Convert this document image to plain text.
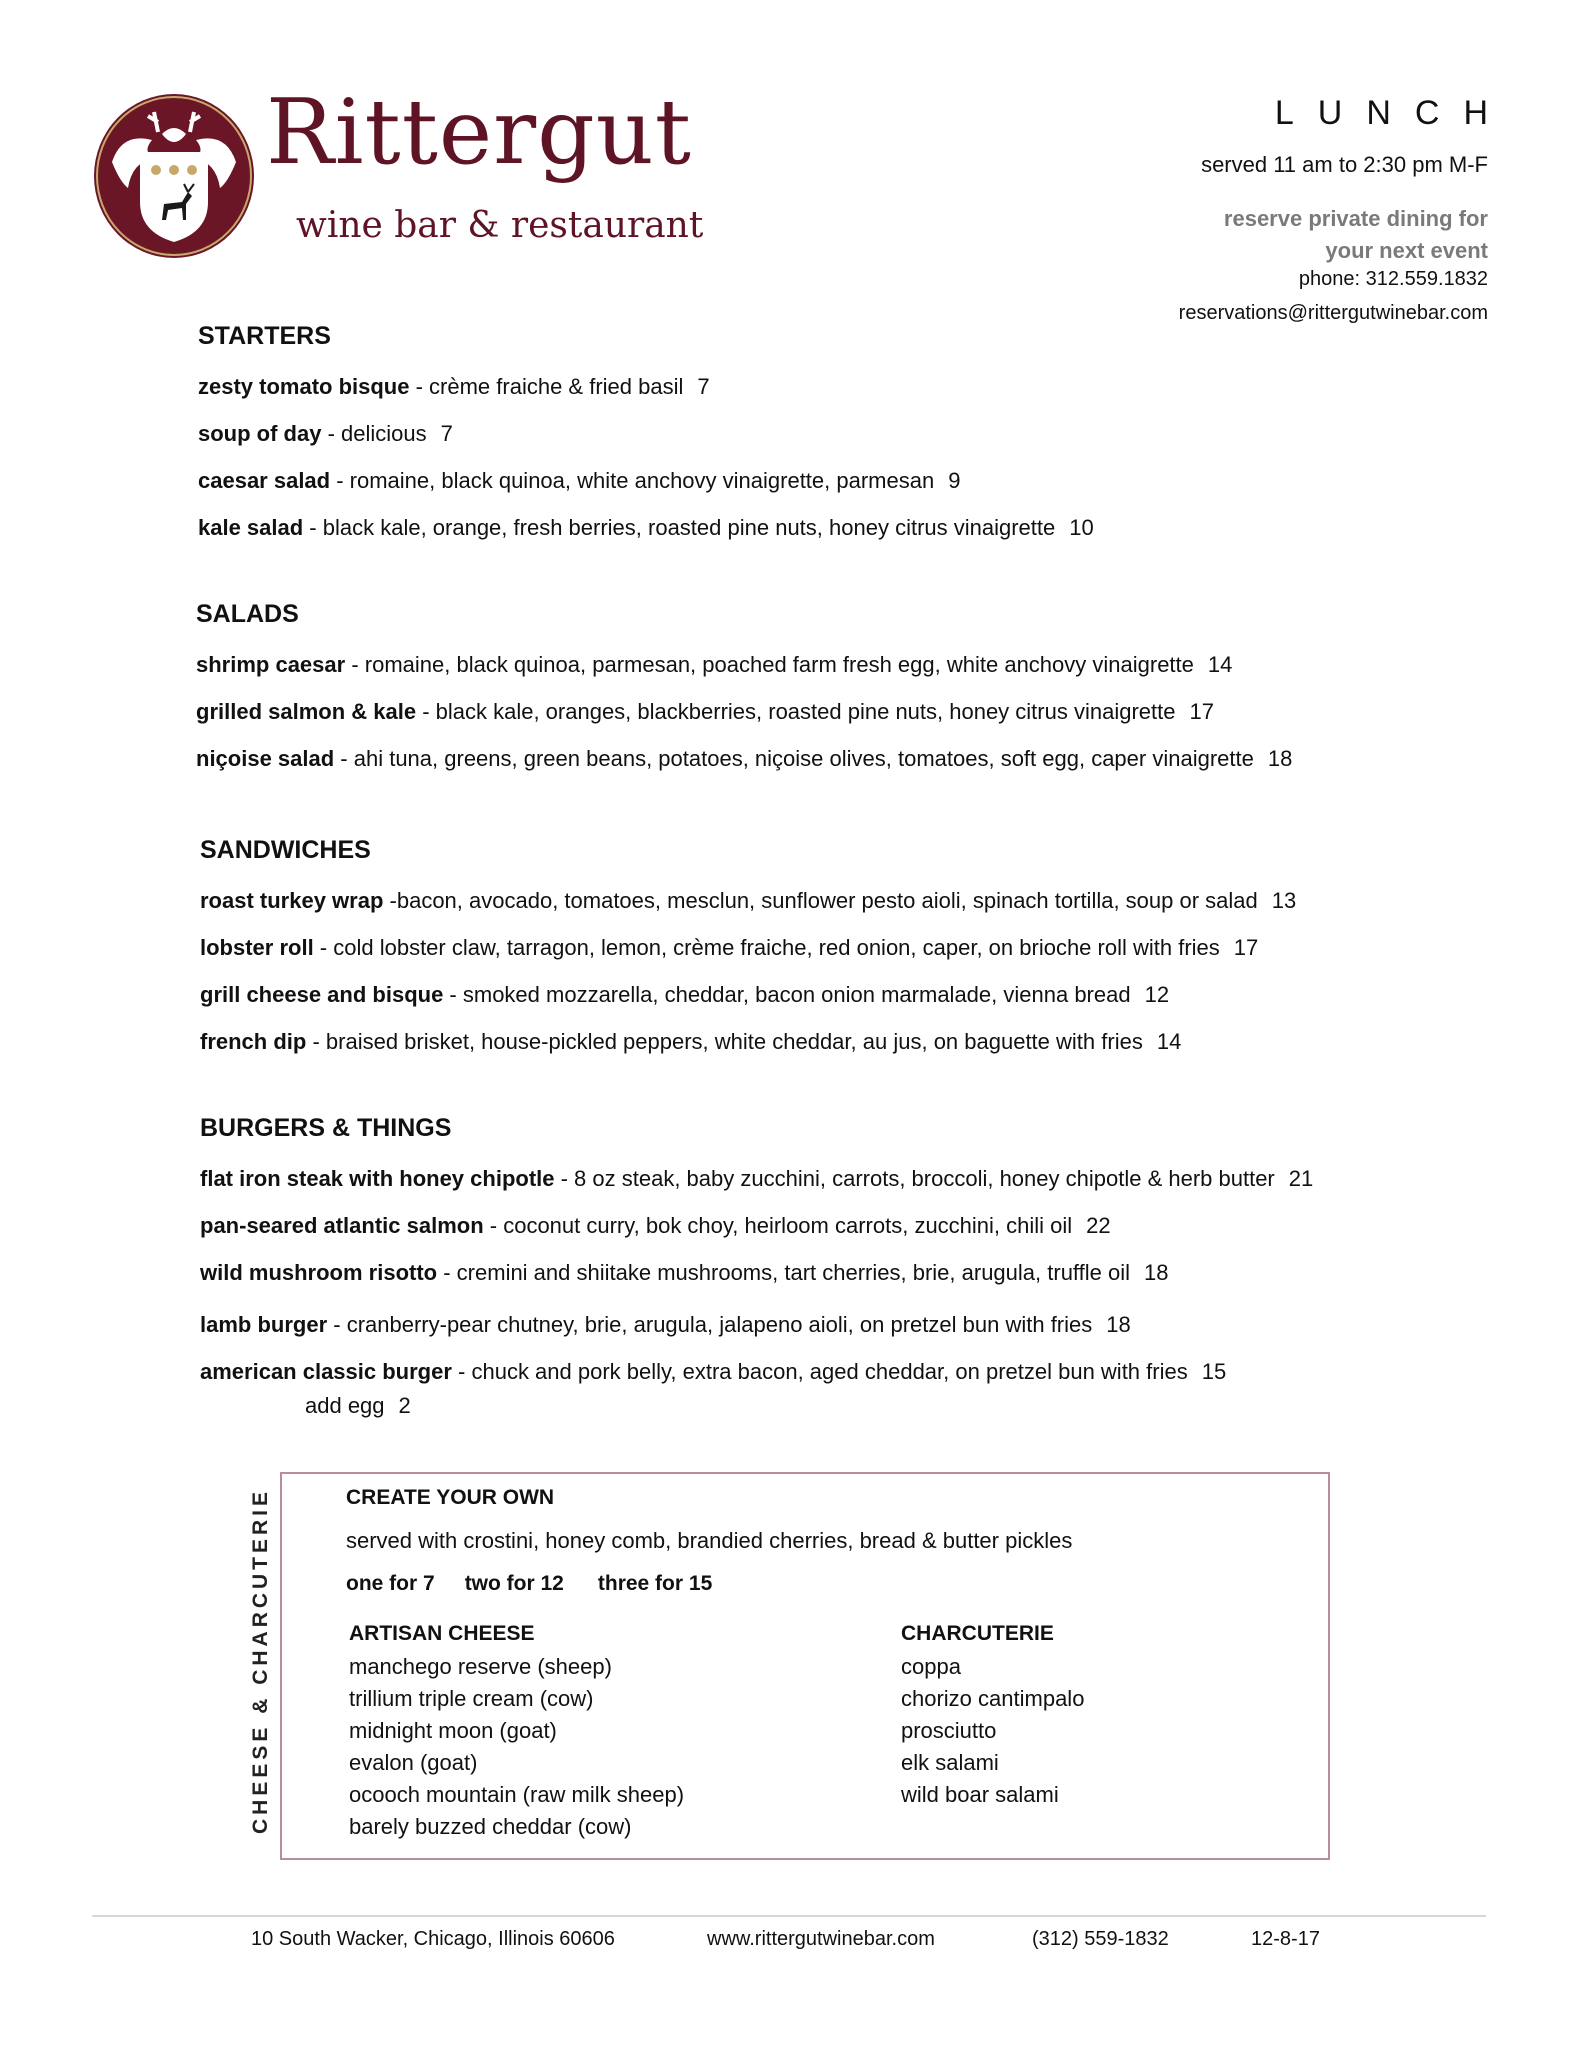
Rittergut
wine bar & restaurant
LUNCH
served 11 am to 2:30 pm M-F
reserve private dining for
your next event
phone: 312.559.1832
reservations@rittergutwinebar.com
STARTERS
zesty tomato bisque - crème fraiche & fried basil 7
soup of day - delicious 7
caesar salad - romaine, black quinoa, white anchovy vinaigrette, parmesan 9
kale salad - black kale, orange, fresh berries, roasted pine nuts, honey citrus vinaigrette 10
SALADS
shrimp caesar - romaine, black quinoa, parmesan, poached farm fresh egg, white anchovy vinaigrette 14
grilled salmon & kale - black kale, oranges, blackberries, roasted pine nuts, honey citrus vinaigrette 17
niçoise salad - ahi tuna, greens, green beans, potatoes, niçoise olives, tomatoes, soft egg, caper vinaigrette 18
SANDWICHES
roast turkey wrap -bacon, avocado, tomatoes, mesclun, sunflower pesto aioli, spinach tortilla, soup or salad 13
lobster roll - cold lobster claw, tarragon, lemon, crème fraiche, red onion, caper, on brioche roll with fries 17
grill cheese and bisque - smoked mozzarella, cheddar, bacon onion marmalade, vienna bread 12
french dip - braised brisket, house-pickled peppers, white cheddar, au jus, on baguette with fries 14
BURGERS & THINGS
flat iron steak with honey chipotle - 8 oz steak, baby zucchini, carrots, broccoli, honey chipotle & herb butter 21
pan-seared atlantic salmon - coconut curry, bok choy, heirloom carrots, zucchini, chili oil 22
wild mushroom risotto - cremini and shiitake mushrooms, tart cherries, brie, arugula, truffle oil 18
lamb burger - cranberry-pear chutney, brie, arugula, jalapeno aioli, on pretzel bun with fries 18
american classic burger - chuck and pork belly, extra bacon, aged cheddar, on pretzel bun with fries 15
add egg 2
CHEESE & CHARCUTERIE	CREATE YOUR OWN
served with crostini, honey comb, brandied cherries, bread & butter pickles
one for 7 two for 12 three for 15
ARTISAN CHEESE
manchego reserve (sheep)
trillium triple cream (cow)
midnight moon (goat)
evalon (goat)
ocooch mountain (raw milk sheep)
barely buzzed cheddar (cow)
CHARCUTERIE
coppa
chorizo cantimpalo
prosciutto
elk salami
wild boar salami
10 South Wacker, Chicago, Illinois 60606	www.rittergutwinebar.com	(312) 559-1832	12-8-17
